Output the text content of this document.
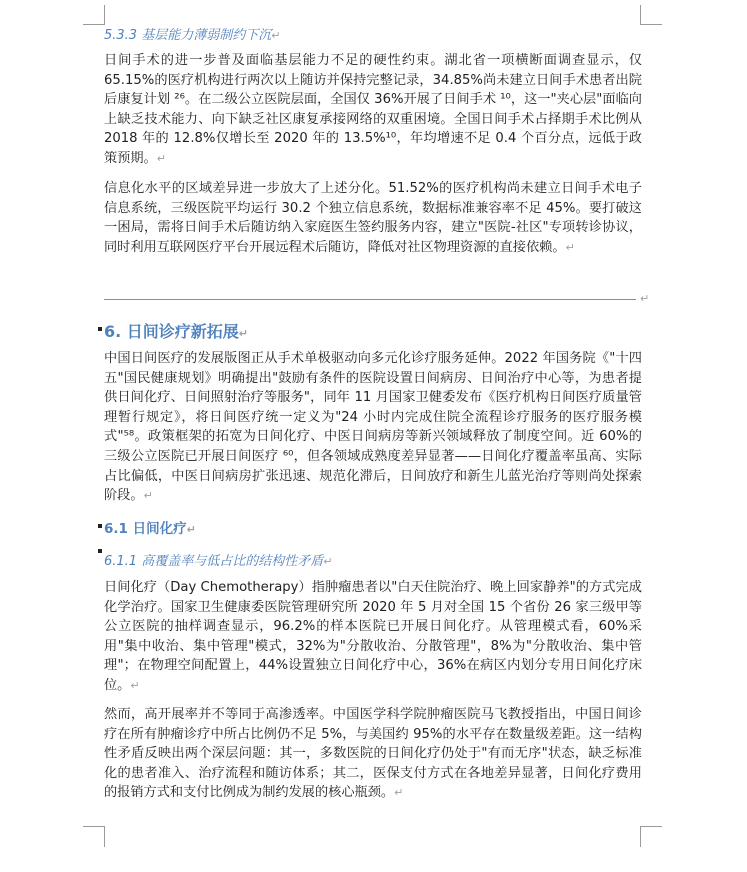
5.3.3 基层能力薄弱制约下沉↵
日间手术的进一步普及面临基层能力不足的硬性约束。湖北省一项横断面调查显示，仅 65.15%的医疗机构进行两次以上随访并保持完整记录，34.85%尚未建立日间手术患者出院后康复计划 ²⁶。在二级公立医院层面，全国仅 36%开展了日间手术 ¹⁰，这一"夹心层"面临向上缺乏技术能力、向下缺乏社区康复承接网络的双重困境。全国日间手术占择期手术比例从 2018 年的 12.8%仅增长至 2020 年的 13.5%¹⁰，年均增速不足 0.4 个百分点，远低于政策预期。↵
信息化水平的区域差异进一步放大了上述分化。51.52%的医疗机构尚未建立日间手术电子信息系统，三级医院平均运行 30.2 个独立信息系统，数据标准兼容率不足 45%。要打破这一困局，需将日间手术后随访纳入家庭医生签约服务内容，建立"医院-社区"专项转诊协议，同时利用互联网医疗平台开展远程术后随访，降低对社区物理资源的直接依赖。↵
↵
6. 日间诊疗新拓展↵
中国日间医疗的发展版图正从手术单极驱动向多元化诊疗服务延伸。2022 年国务院《"十四五"国民健康规划》明确提出"鼓励有条件的医院设置日间病房、日间治疗中心等，为患者提供日间化疗、日间照射治疗等服务"，同年 11 月国家卫健委发布《医疗机构日间医疗质量管理暂行规定》，将日间医疗统一定义为"24 小时内完成住院全流程诊疗服务的医疗服务模式"⁵⁸。政策框架的拓宽为日间化疗、中医日间病房等新兴领域释放了制度空间。近 60%的三级公立医院已开展日间医疗 ⁶⁰，但各领域成熟度差异显著——日间化疗覆盖率虽高、实际占比偏低，中医日间病房扩张迅速、规范化滞后，日间放疗和新生儿蓝光治疗等则尚处探索阶段。↵
6.1 日间化疗↵
6.1.1 高覆盖率与低占比的结构性矛盾↵
日间化疗（Day Chemotherapy）指肿瘤患者以"白天住院治疗、晚上回家静养"的方式完成化学治疗。国家卫生健康委医院管理研究所 2020 年 5 月对全国 15 个省份 26 家三级甲等公立医院的抽样调查显示，96.2%的样本医院已开展日间化疗。从管理模式看，60%采用"集中收治、集中管理"模式，32%为"分散收治、分散管理"，8%为"分散收治、集中管理"；在物理空间配置上，44%设置独立日间化疗中心，36%在病区内划分专用日间化疗床位。↵
然而，高开展率并不等同于高渗透率。中国医学科学院肿瘤医院马飞教授指出，中国日间诊疗在所有肿瘤诊疗中所占比例仍不足 5%，与美国约 95%的水平存在数量级差距。这一结构性矛盾反映出两个深层问题：其一，多数医院的日间化疗仍处于"有而无序"状态，缺乏标准化的患者准入、治疗流程和随访体系；其二，医保支付方式在各地差异显著，日间化疗费用的报销方式和支付比例成为制约发展的核心瓶颈。↵
